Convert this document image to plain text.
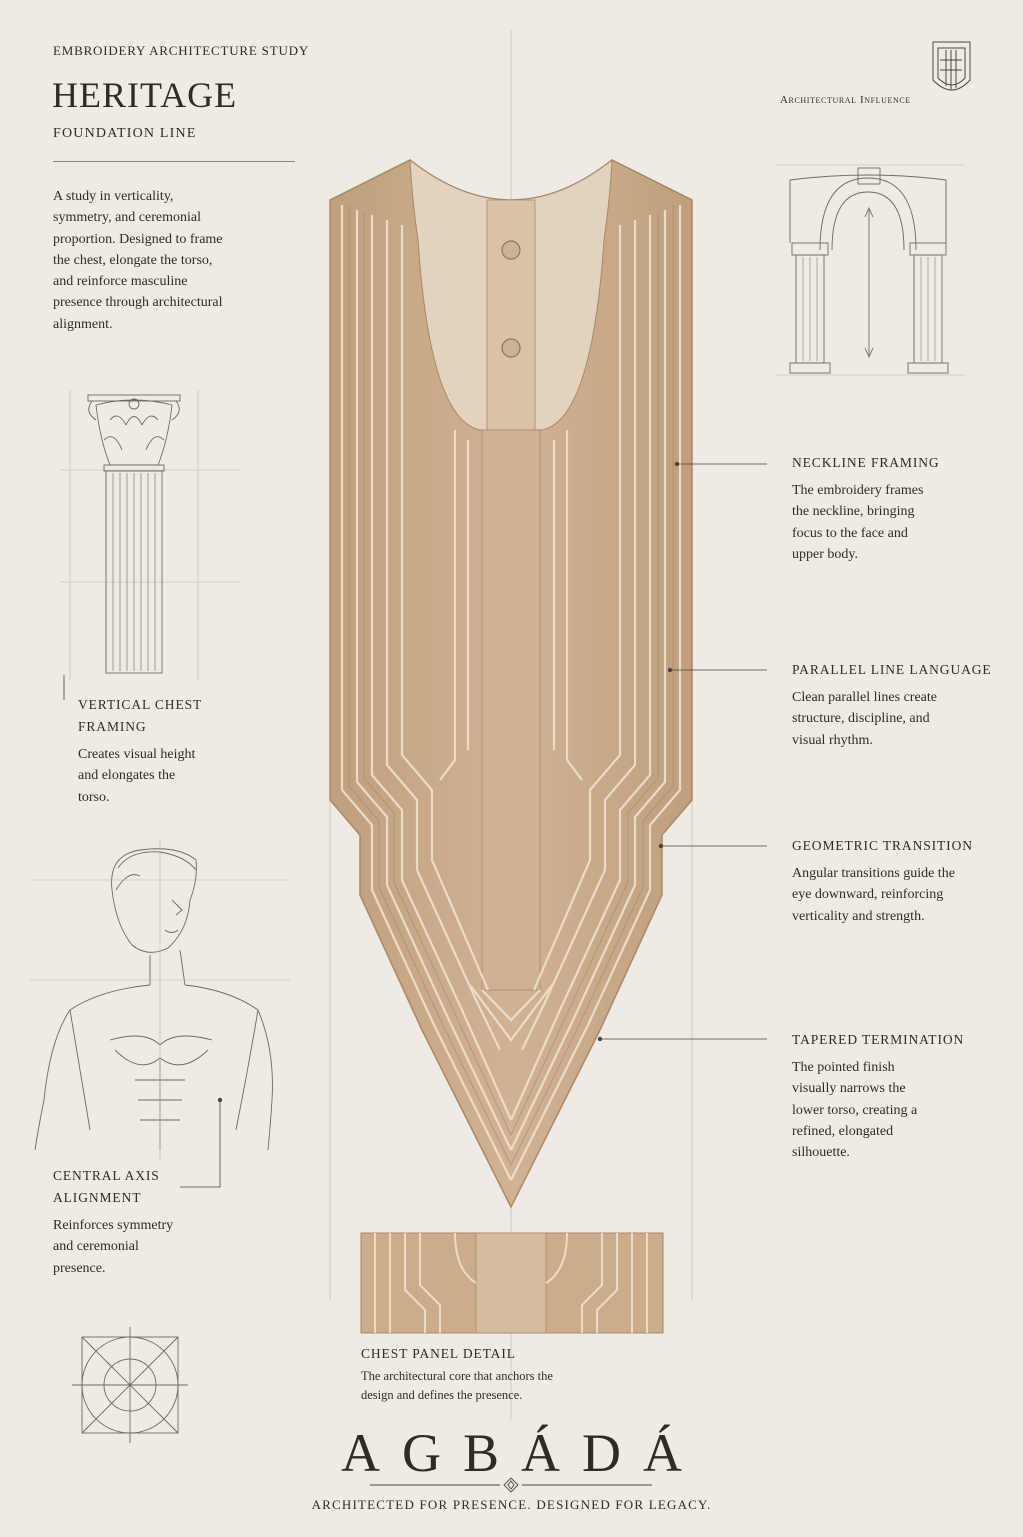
EMBROIDERY ARCHITECTURE STUDY
HERITAGE
FOUNDATION LINE
A study in verticality, symmetry, and ceremonial proportion. Designed to frame the chest, elongate the torso, and reinforce masculine presence through architectural alignment.
Architectural Influence
VERTICAL CHEST FRAMING
Creates visual height and elongates the torso.
CENTRAL AXIS ALIGNMENT
Reinforces symmetry and ceremonial presence.
NECKLINE FRAMING
The embroidery frames the neckline, bringing focus to the face and upper body.
PARALLEL LINE LANGUAGE
Clean parallel lines create structure, discipline, and visual rhythm.
GEOMETRIC TRANSITION
Angular transitions guide the eye downward, reinforcing verticality and strength.
TAPERED TERMINATION
The pointed finish visually narrows the lower torso, creating a refined, elongated silhouette.
CHEST PANEL DETAIL
The architectural core that anchors the design and defines the presence.
AGBÁDÁ
ARCHITECTED FOR PRESENCE. DESIGNED FOR LEGACY.
